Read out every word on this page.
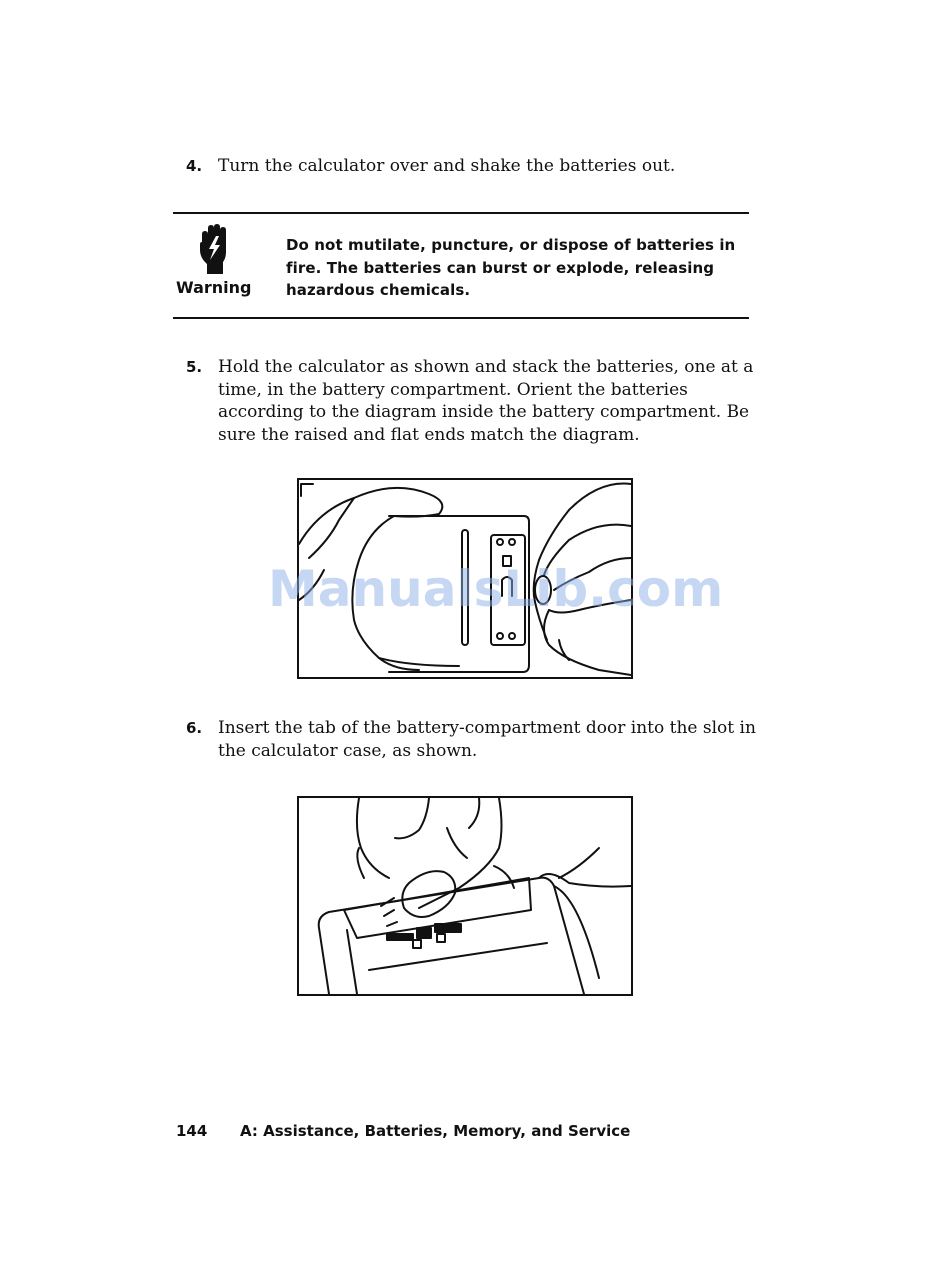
4. Turn the calculator over and shake the batteries out.
Warning
Do not mutilate, puncture, or dispose of batteries in fire. The batteries can burst or explode, releasing hazardous chemicals.
5. Hold the calculator as shown and stack the batteries, one at a time, in the battery compartment. Orient the batteries according to the diagram inside the battery compartment. Be sure the raised and flat ends match the diagram.
ManualsLib.com
6. Insert the tab of the battery-compartment door into the slot in the calculator case, as shown.
144 A: Assistance, Batteries, Memory, and Service
